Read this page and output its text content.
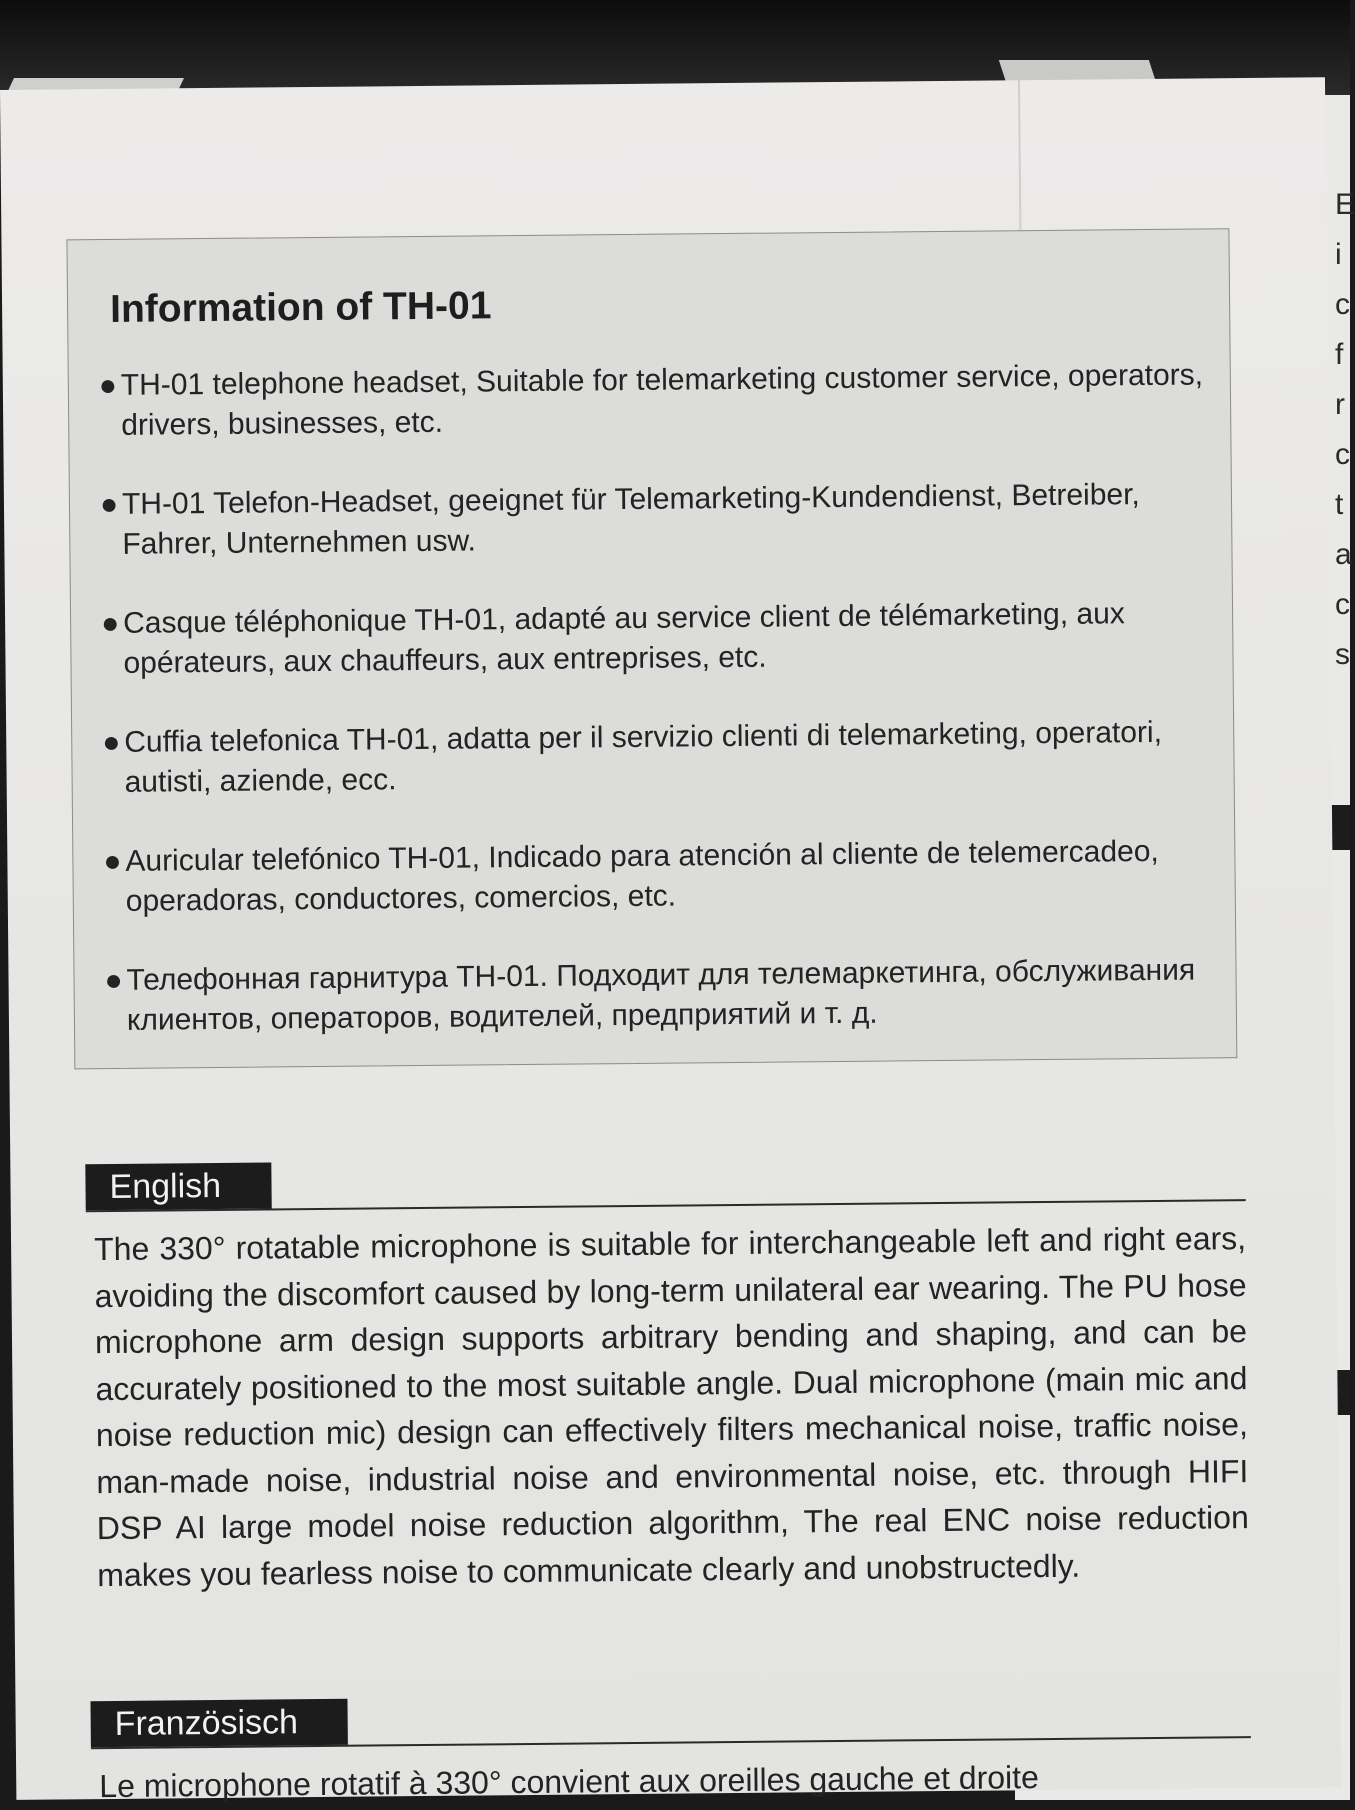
E
i
c
f
r
c
t
a
c
s
Information of TH-01
● TH-01 telephone headset, Suitable for telemarketing customer service, operators, drivers, businesses, etc.
● TH-01 Telefon-Headset, geeignet für Telemarketing-Kundendienst, Betreiber, Fahrer, Unternehmen usw.
● Casque téléphonique TH-01, adapté au service client de télémarketing, aux opérateurs, aux chauffeurs, aux entreprises, etc.
● Cuffia telefonica TH-01, adatta per il servizio clienti di telemarketing, operatori, autisti, aziende, ecc.
● Auricular telefónico TH-01, Indicado para atención al cliente de telemercadeo, operadoras, conductores, comercios, etc.
● Телефонная гарнитура TH-01. Подходит для телемаркетинга, обслуживания клиентов, операторов, водителей, предприятий и т. д.
English

The 330° rotatable microphone is suitable for interchangeable left and right ears, avoiding the discomfort caused by long-term unilateral ear wearing. The PU hose microphone arm design supports arbitrary bending and shaping, and can be accurately positioned to the most suitable angle. Dual microphone (main mic and noise reduction mic) design can effectively filters mechanical noise, traffic noise, man-made noise, industrial noise and environmental noise, etc. through HIFI DSP AI large model noise reduction algorithm, The real ENC noise reduction makes you fearless noise to communicate clearly and unobstructedly.

Französisch

Le microphone rotatif à 330° convient aux oreilles gauche et droite
